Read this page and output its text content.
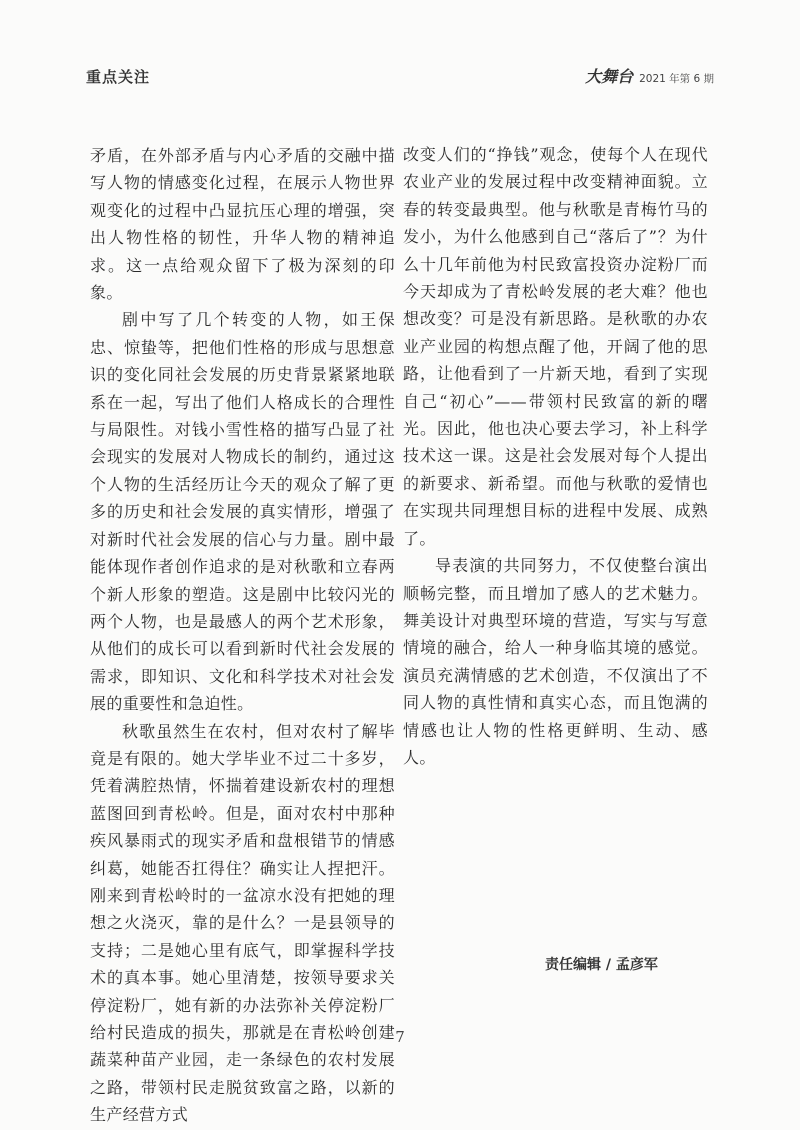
重点关注	大舞台 2021 年第 6 期

矛盾，在外部矛盾与内心矛盾的交融中描写人物的情感变化过程，在展示人物世界观变化的过程中凸显抗压心理的增强，突出人物性格的韧性，升华人物的精神追求。这一点给观众留下了极为深刻的印象。

剧中写了几个转变的人物，如王保忠、惊蛰等，把他们性格的形成与思想意识的变化同社会发展的历史背景紧紧地联系在一起，写出了他们人格成长的合理性与局限性。对钱小雪性格的描写凸显了社会现实的发展对人物成长的制约，通过这个人物的生活经历让今天的观众了解了更多的历史和社会发展的真实情形，增强了对新时代社会发展的信心与力量。剧中最能体现作者创作追求的是对秋歌和立春两个新人形象的塑造。这是剧中比较闪光的两个人物，也是最感人的两个艺术形象，从他们的成长可以看到新时代社会发展的需求，即知识、文化和科学技术对社会发展的重要性和急迫性。

秋歌虽然生在农村，但对农村了解毕竟是有限的。她大学毕业不过二十多岁，凭着满腔热情，怀揣着建设新农村的理想蓝图回到青松岭。但是，面对农村中那种疾风暴雨式的现实矛盾和盘根错节的情感纠葛，她能否扛得住？确实让人捏把汗。刚来到青松岭时的一盆凉水没有把她的理想之火浇灭，靠的是什么？一是县领导的支持；二是她心里有底气，即掌握科学技术的真本事。她心里清楚，按领导要求关停淀粉厂，她有新的办法弥补关停淀粉厂给村民造成的损失，那就是在青松岭创建蔬菜种苗产业园，走一条绿色的农村发展之路，带领村民走脱贫致富之路，以新的生产经营方式

改变人们的“挣钱”观念，使每个人在现代农业产业的发展过程中改变精神面貌。立春的转变最典型。他与秋歌是青梅竹马的发小，为什么他感到自己“落后了”？为什么十几年前他为村民致富投资办淀粉厂而今天却成为了青松岭发展的老大难？他也想改变？可是没有新思路。是秋歌的办农业产业园的构想点醒了他，开阔了他的思路，让他看到了一片新天地，看到了实现自己“初心”——带领村民致富的新的曙光。因此，他也决心要去学习，补上科学技术这一课。这是社会发展对每个人提出的新要求、新希望。而他与秋歌的爱情也在实现共同理想目标的进程中发展、成熟了。

导表演的共同努力，不仅使整台演出顺畅完整，而且增加了感人的艺术魅力。舞美设计对典型环境的营造，写实与写意情境的融合，给人一种身临其境的感觉。演员充满情感的艺术创造，不仅演出了不同人物的真性情和真实心态，而且饱满的情感也让人物的性格更鲜明、生动、感人。

责任编辑 / 孟彦军
7
